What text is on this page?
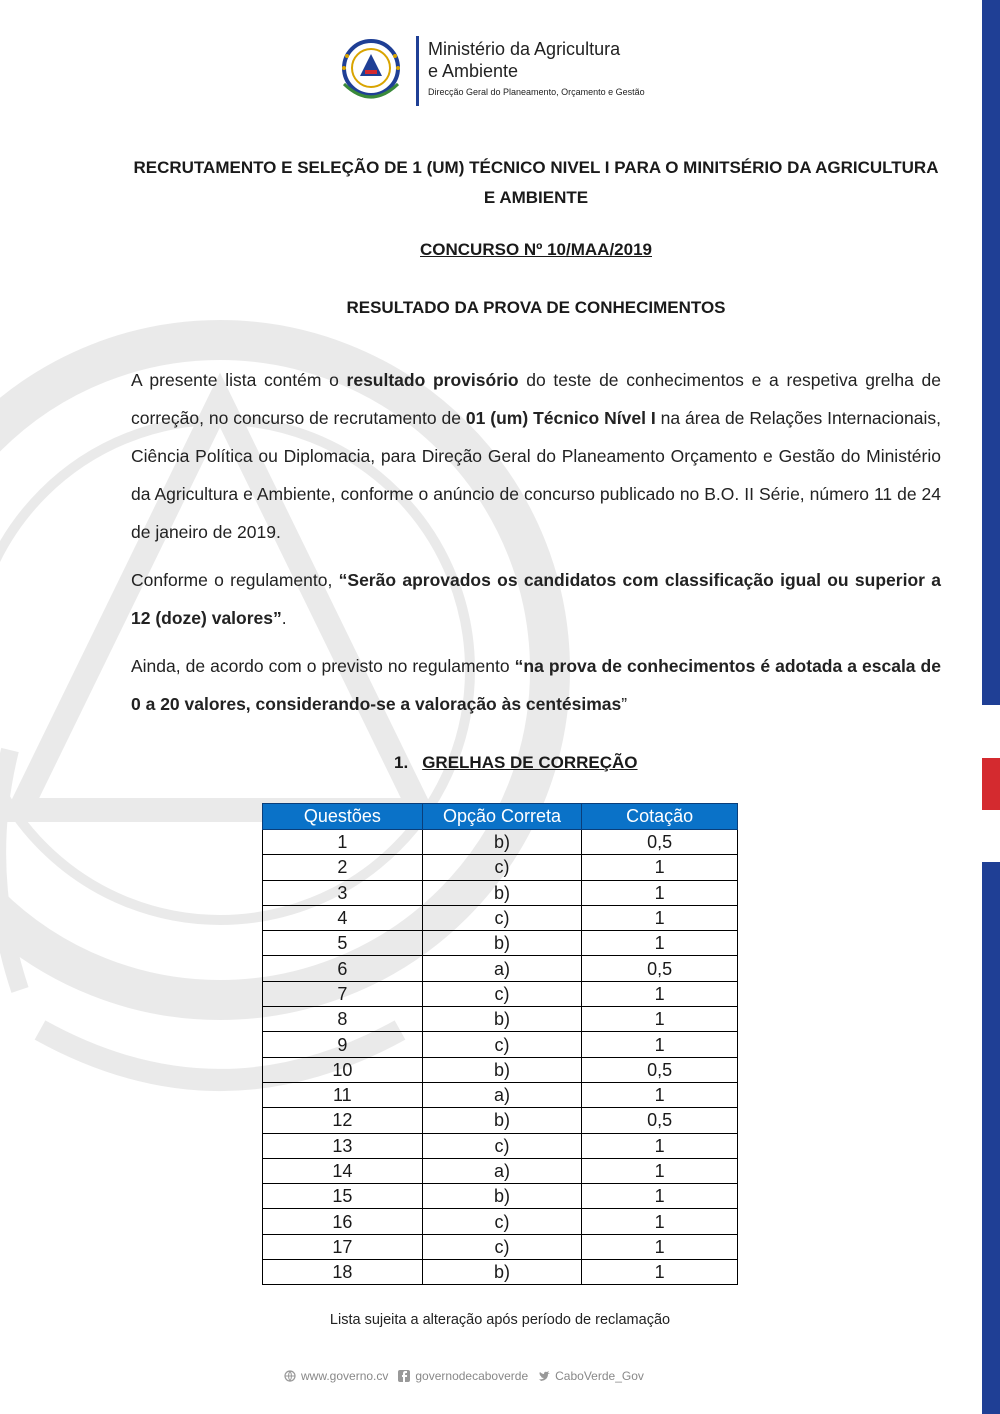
Ministério da Agricultura
e Ambiente
Direcção Geral do Planeamento, Orçamento e Gestão
RECRUTAMENTO E SELEÇÃO DE 1 (UM) TÉCNICO NIVEL I PARA O MINITSÉRIO DA AGRICULTURA E AMBIENTE
CONCURSO Nº 10/MAA/2019
RESULTADO DA PROVA DE CONHECIMENTOS
A presente lista contém o resultado provisório do teste de conhecimentos e a respetiva grelha de correção, no concurso de recrutamento de 01 (um) Técnico Nível I na área de Relações Internacionais, Ciência Política ou Diplomacia, para Direção Geral do Planeamento Orçamento e Gestão do Ministério da Agricultura e Ambiente, conforme o anúncio de concurso publicado no B.O. II Série, número 11 de 24 de janeiro de 2019.
Conforme o regulamento, “Serão aprovados os candidatos com classificação igual ou superior a 12 (doze) valores”.
Ainda, de acordo com o previsto no regulamento “na prova de conhecimentos é adotada a escala de 0 a 20 valores, considerando-se a valoração às centésimas”
1. GRELHAS DE CORREÇÃO
Questões	Opção Correta	Cotação
1	b)	0,5
2	c)	1
3	b)	1
4	c)	1
5	b)	1
6	a)	0,5
7	c)	1
8	b)	1
9	c)	1
10	b)	0,5
11	a)	1
12	b)	0,5
13	c)	1
14	a)	1
15	b)	1
16	c)	1
17	c)	1
18	b)	1
Lista sujeita a alteração após período de reclamação
www.governo.cv governodecaboverde CaboVerde_Gov
